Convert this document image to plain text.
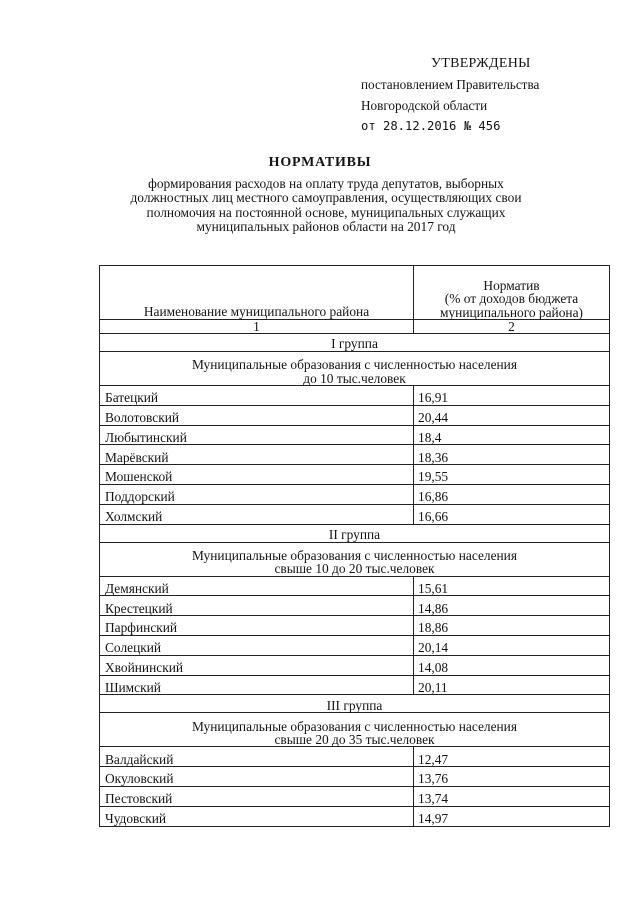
УТВЕРЖДЕНЫ
постановлением Правительства
Новгородской области
от 28.12.2016 № 456
НОРМАТИВЫ
формирования расходов на оплату труда депутатов, выборных должностных лиц местного самоуправления, осуществляющих свои полномочия на постоянной основе, муниципальных служащих муниципальных районов области на 2017 год
Наименование муниципального района	Норматив
(% от доходов бюджета
муниципального района)

1	2
I группа	

Муниципальные образования с численностью населения
до 10 тыс.человек	

Батецкий	16,91
Волотовский	20,44
Любытинский	18,4
Марёвский	18,36
Мошенской	19,55
Поддорский	16,86
Холмский	16,66
II группа	

Муниципальные образования с численностью населения
свыше 10 до 20 тыс.человек	

Демянский	15,61
Крестецкий	14,86
Парфинский	18,86
Солецкий	20,14
Хвойнинский	14,08
Шимский	20,11
III группа	

Муниципальные образования с численностью населения
свыше 20 до 35 тыс.человек	

Валдайский	12,47
Окуловский	13,76
Пестовский	13,74
Чудовский	14,97
